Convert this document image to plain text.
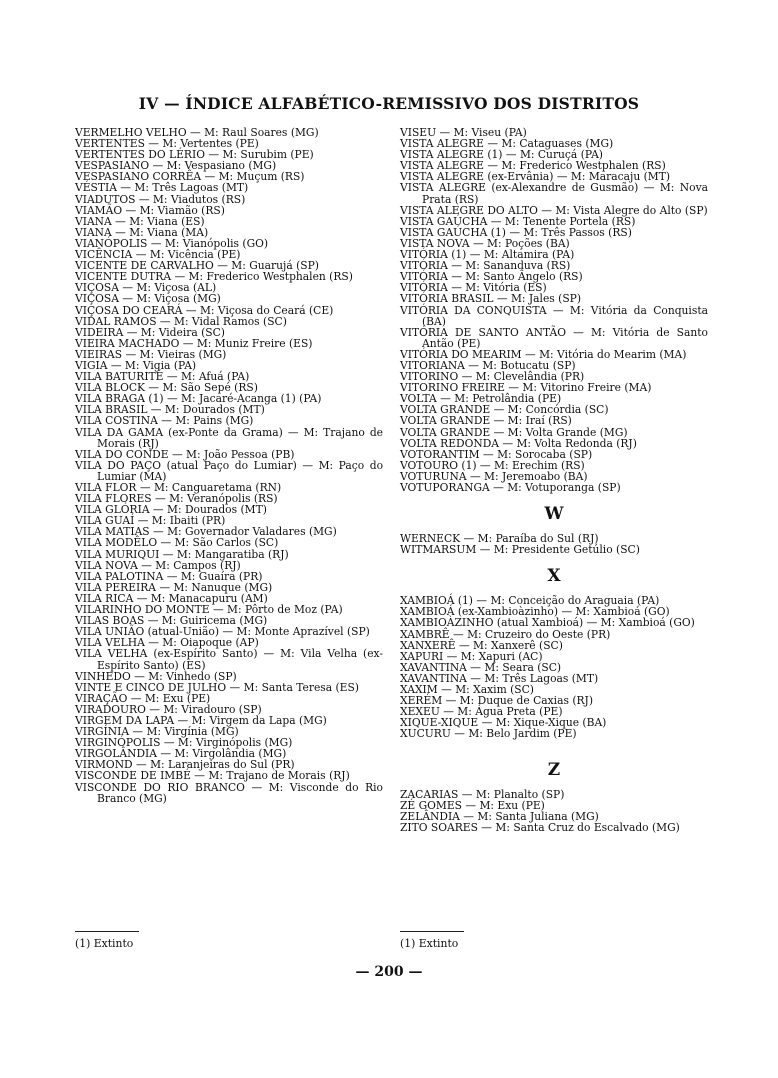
IV — ÍNDICE ALFABÉTICO-REMISSIVO DOS DISTRITOS
VERMELHO VELHO — M: Raul Soares (MG)
VERTENTES — M: Vertentes (PE)
VERTENTES DO LÉRIO — M: Surubim (PE)
VESPASIANO — M: Vespasiano (MG)
VESPASIANO CORRÊA — M: Muçum (RS)
VÉSTIA — M: Três Lagoas (MT)
VIADUTOS — M: Viadutos (RS)
VIAMÃO — M: Viamão (RS)
VIANA — M: Viana (ES)
VIANA — M: Viana (MA)
VIANÓPOLIS — M: Vianópolis (GO)
VICÊNCIA — M: Vicência (PE)
VICENTE DE CARVALHO — M: Guarujá (SP)
VICENTE DUTRA — M: Frederico Westphalen (RS)
VIÇOSA — M: Viçosa (AL)
VIÇOSA — M: Viçosa (MG)
VIÇOSA DO CEARÁ — M: Viçosa do Ceará (CE)
VIDAL RAMOS — M: Vidal Ramos (SC)
VIDEIRA — M: Videira (SC)
VIEIRA MACHADO — M: Muniz Freire (ES)
VIEIRAS — M: Vieiras (MG)
VIGIA — M: Vigia (PA)
VILA BATURITÉ — M: Afuá (PA)
VILA BLOCK — M: São Sepé (RS)
VILA BRAGA (1) — M: Jacaré-Acanga (1) (PA)
VILA BRASIL — M: Dourados (MT)
VILA COSTINA — M: Pains (MG)
VILA DA GAMA (ex-Ponte da Grama) — M: Trajano de Morais (RJ)
VILA DO CONDE — M: João Pessoa (PB)
VILA DO PAÇO (atual Paço do Lumiar) — M: Paço do Lumiar (MA)
VILA FLOR — M: Canguaretama (RN)
VILA FLORES — M: Veranópolis (RS)
VILA GLÓRIA — M: Dourados (MT)
VILA GUAÍ — M: Ibaiti (PR)
VILA MATIAS — M: Governador Valadares (MG)
VILA MODÊLO — M: São Carlos (SC)
VILA MURIQUI — M: Mangaratiba (RJ)
VILA NOVA — M: Campos (RJ)
VILA PALOTINA — M: Guaíra (PR)
VILA PEREIRA — M: Nanuque (MG)
VILA RICA — M: Manacapuru (AM)
VILARINHO DO MONTE — M: Pôrto de Moz (PA)
VILAS BOAS — M: Guiricema (MG)
VILA UNIÃO (atual-União) — M: Monte Aprazível (SP)
VILA VELHA — M: Oiapoque (AP)
VILA VELHA (ex-Espírito Santo) — M: Vila Velha (ex-Espírito Santo) (ES)
VINHEDO — M: Vinhedo (SP)
VINTE E CINCO DE JULHO — M: Santa Teresa (ES)
VIRAÇÃO — M: Exu (PE)
VIRADOURO — M: Viradouro (SP)
VIRGEM DA LAPA — M: Virgem da Lapa (MG)
VIRGÍNIA — M: Virgínia (MG)
VIRGINÓPOLIS — M: Virginópolis (MG)
VIRGOLÂNDIA — M: Virgolândia (MG)
VIRMOND — M: Laranjeiras do Sul (PR)
VISCONDE DE IMBÉ — M: Trajano de Morais (RJ)
VISCONDE DO RIO BRANCO — M: Visconde do Rio Branco (MG)
VISEU — M: Viseu (PA)
VISTA ALEGRE — M: Cataguases (MG)
VISTA ALEGRE (1) — M: Curuçá (PA)
VISTA ALEGRE — M: Frederico Westphalen (RS)
VISTA ALEGRE (ex-Ervânia) — M: Maracaju (MT)
VISTA ALEGRE (ex-Alexandre de Gusmão) — M: Nova Prata (RS)
VISTA ALEGRE DO ALTO — M: Vista Alegre do Alto (SP)
VISTA GAÚCHA — M: Tenente Portela (RS)
VISTA GAÚCHA (1) — M: Três Passos (RS)
VISTA NOVA — M: Poções (BA)
VITÓRIA (1) — M: Altamira (PA)
VITÓRIA — M: Sananduva (RS)
VITÓRIA — M: Santo Ângelo (RS)
VITÓRIA — M: Vitória (ES)
VITÓRIA BRASIL — M: Jales (SP)
VITÓRIA DA CONQUISTA — M: Vitória da Conquista (BA)
VITÓRIA DE SANTO ANTÃO — M: Vitória de Santo Antão (PE)
VITÓRIA DO MEARIM — M: Vitória do Mearim (MA)
VITORIANA — M: Botucatu (SP)
VITORINO — M: Clevelândia (PR)
VITORINO FREIRE — M: Vitorino Freire (MA)
VOLTA — M: Petrolândia (PE)
VOLTA GRANDE — M: Concórdia (SC)
VOLTA GRANDE — M: Iraí (RS)
VOLTA GRANDE — M: Volta Grande (MG)
VOLTA REDONDA — M: Volta Redonda (RJ)
VOTORANTIM — M: Sorocaba (SP)
VOTOURO (1) — M: Erechim (RS)
VOTURUNA — M: Jeremoabo (BA)
VOTUPORANGA — M: Votuporanga (SP)
W
WERNECK — M: Paraíba do Sul (RJ)
WITMARSUM — M: Presidente Getúlio (SC)
X
XAMBIOÁ (1) — M: Conceição do Araguaia (PA)
XAMBIOÁ (ex-Xambioàzinho) — M: Xambioá (GO)
XAMBIOÀZINHO (atual Xambioá) — M: Xambioá (GO)
XAMBRÊ — M: Cruzeiro do Oeste (PR)
XANXERÊ — M: Xanxerê (SC)
XAPURI — M: Xapuri (AC)
XAVANTINA — M: Seara (SC)
XAVANTINA — M: Três Lagoas (MT)
XAXIM — M: Xaxim (SC)
XERÉM — M: Duque de Caxias (RJ)
XEXEU — M: Água Preta (PE)
XIQUE-XIQUE — M: Xique-Xique (BA)
XUCURU — M: Belo Jardim (PE)
Z
ZACARIAS — M: Planalto (SP)
ZÉ GOMES — M: Exu (PE)
ZELÂNDIA — M: Santa Juliana (MG)
ZITO SOARES — M: Santa Cruz do Escalvado (MG)
(1) Extinto	(1) Extinto
— 200 —
